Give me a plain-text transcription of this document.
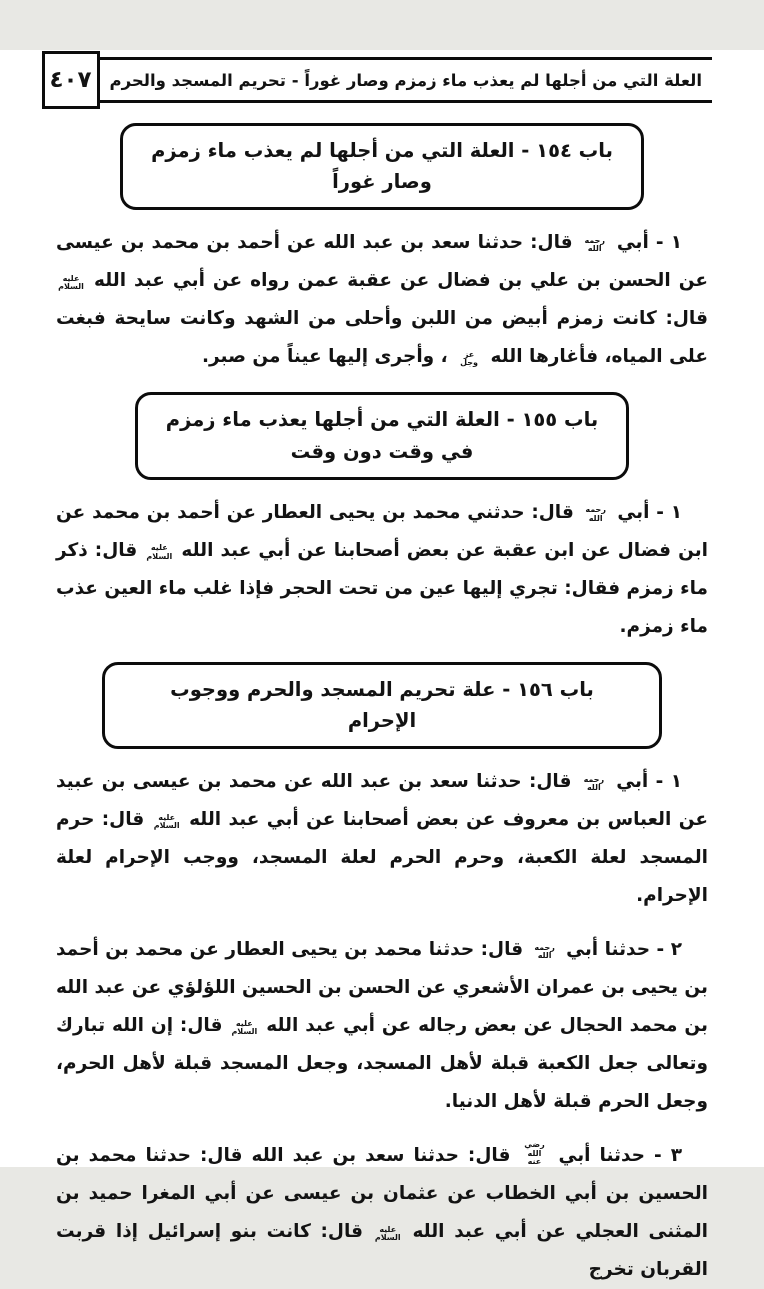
العلة التي من أجلها لم يعذب ماء زمزم وصار غوراً - تحريم المسجد والحرم
٤٠٧
باب ١٥٤ - العلة التي من أجلها لم يعذب ماء زمزم
وصار غوراً

١ - أبي رحمه الله قال: حدثنا سعد بن عبد الله عن أحمد بن محمد بن عيسى عن الحسن بن علي بن فضال عن عقبة عمن رواه عن أبي عبد الله عليه السلام قال: كانت زمزم أبيض من اللبن وأحلى من الشهد وكانت سايحة فبغت على المياه، فأغارها الله عز وجل ، وأجرى إليها عيناً من صبر.

باب ١٥٥ - العلة التي من أجلها يعذب ماء زمزم
في وقت دون وقت

١ - أبي رحمه الله قال: حدثني محمد بن يحيى العطار عن أحمد بن محمد عن ابن فضال عن ابن عقبة عن بعض أصحابنا عن أبي عبد الله عليه السلام قال: ذكر ماء زمزم فقال: تجري إليها عين من تحت الحجر فإذا غلب ماء العين عذب ماء زمزم.

باب ١٥٦ - علة تحريم المسجد والحرم ووجوب الإحرام

١ - أبي رحمه الله قال: حدثنا سعد بن عبد الله عن محمد بن عيسى بن عبيد عن العباس بن معروف عن بعض أصحابنا عن أبي عبد الله عليه السلام قال: حرم المسجد لعلة الكعبة، وحرم الحرم لعلة المسجد، ووجب الإحرام لعلة الإحرام.

٢ - حدثنا أبي رحمه الله قال: حدثنا محمد بن يحيى العطار عن محمد بن أحمد بن يحيى بن عمران الأشعري عن الحسن بن الحسين اللؤلؤي عن عبد الله بن محمد الحجال عن بعض رجاله عن أبي عبد الله عليه السلام قال: إن الله تبارك وتعالى جعل الكعبة قبلة لأهل المسجد، وجعل المسجد قبلة لأهل الحرم، وجعل الحرم قبلة لأهل الدنيا.

٣ - حدثنا أبي رضي الله عنه قال: حدثنا سعد بن عبد الله قال: حدثنا محمد بن الحسين بن أبي الخطاب عن عثمان بن عيسى عن أبي المغرا حميد بن المثنى العجلي عن أبي عبد الله عليه السلام قال: كانت بنو إسرائيل إذا قربت القربان تخرج
